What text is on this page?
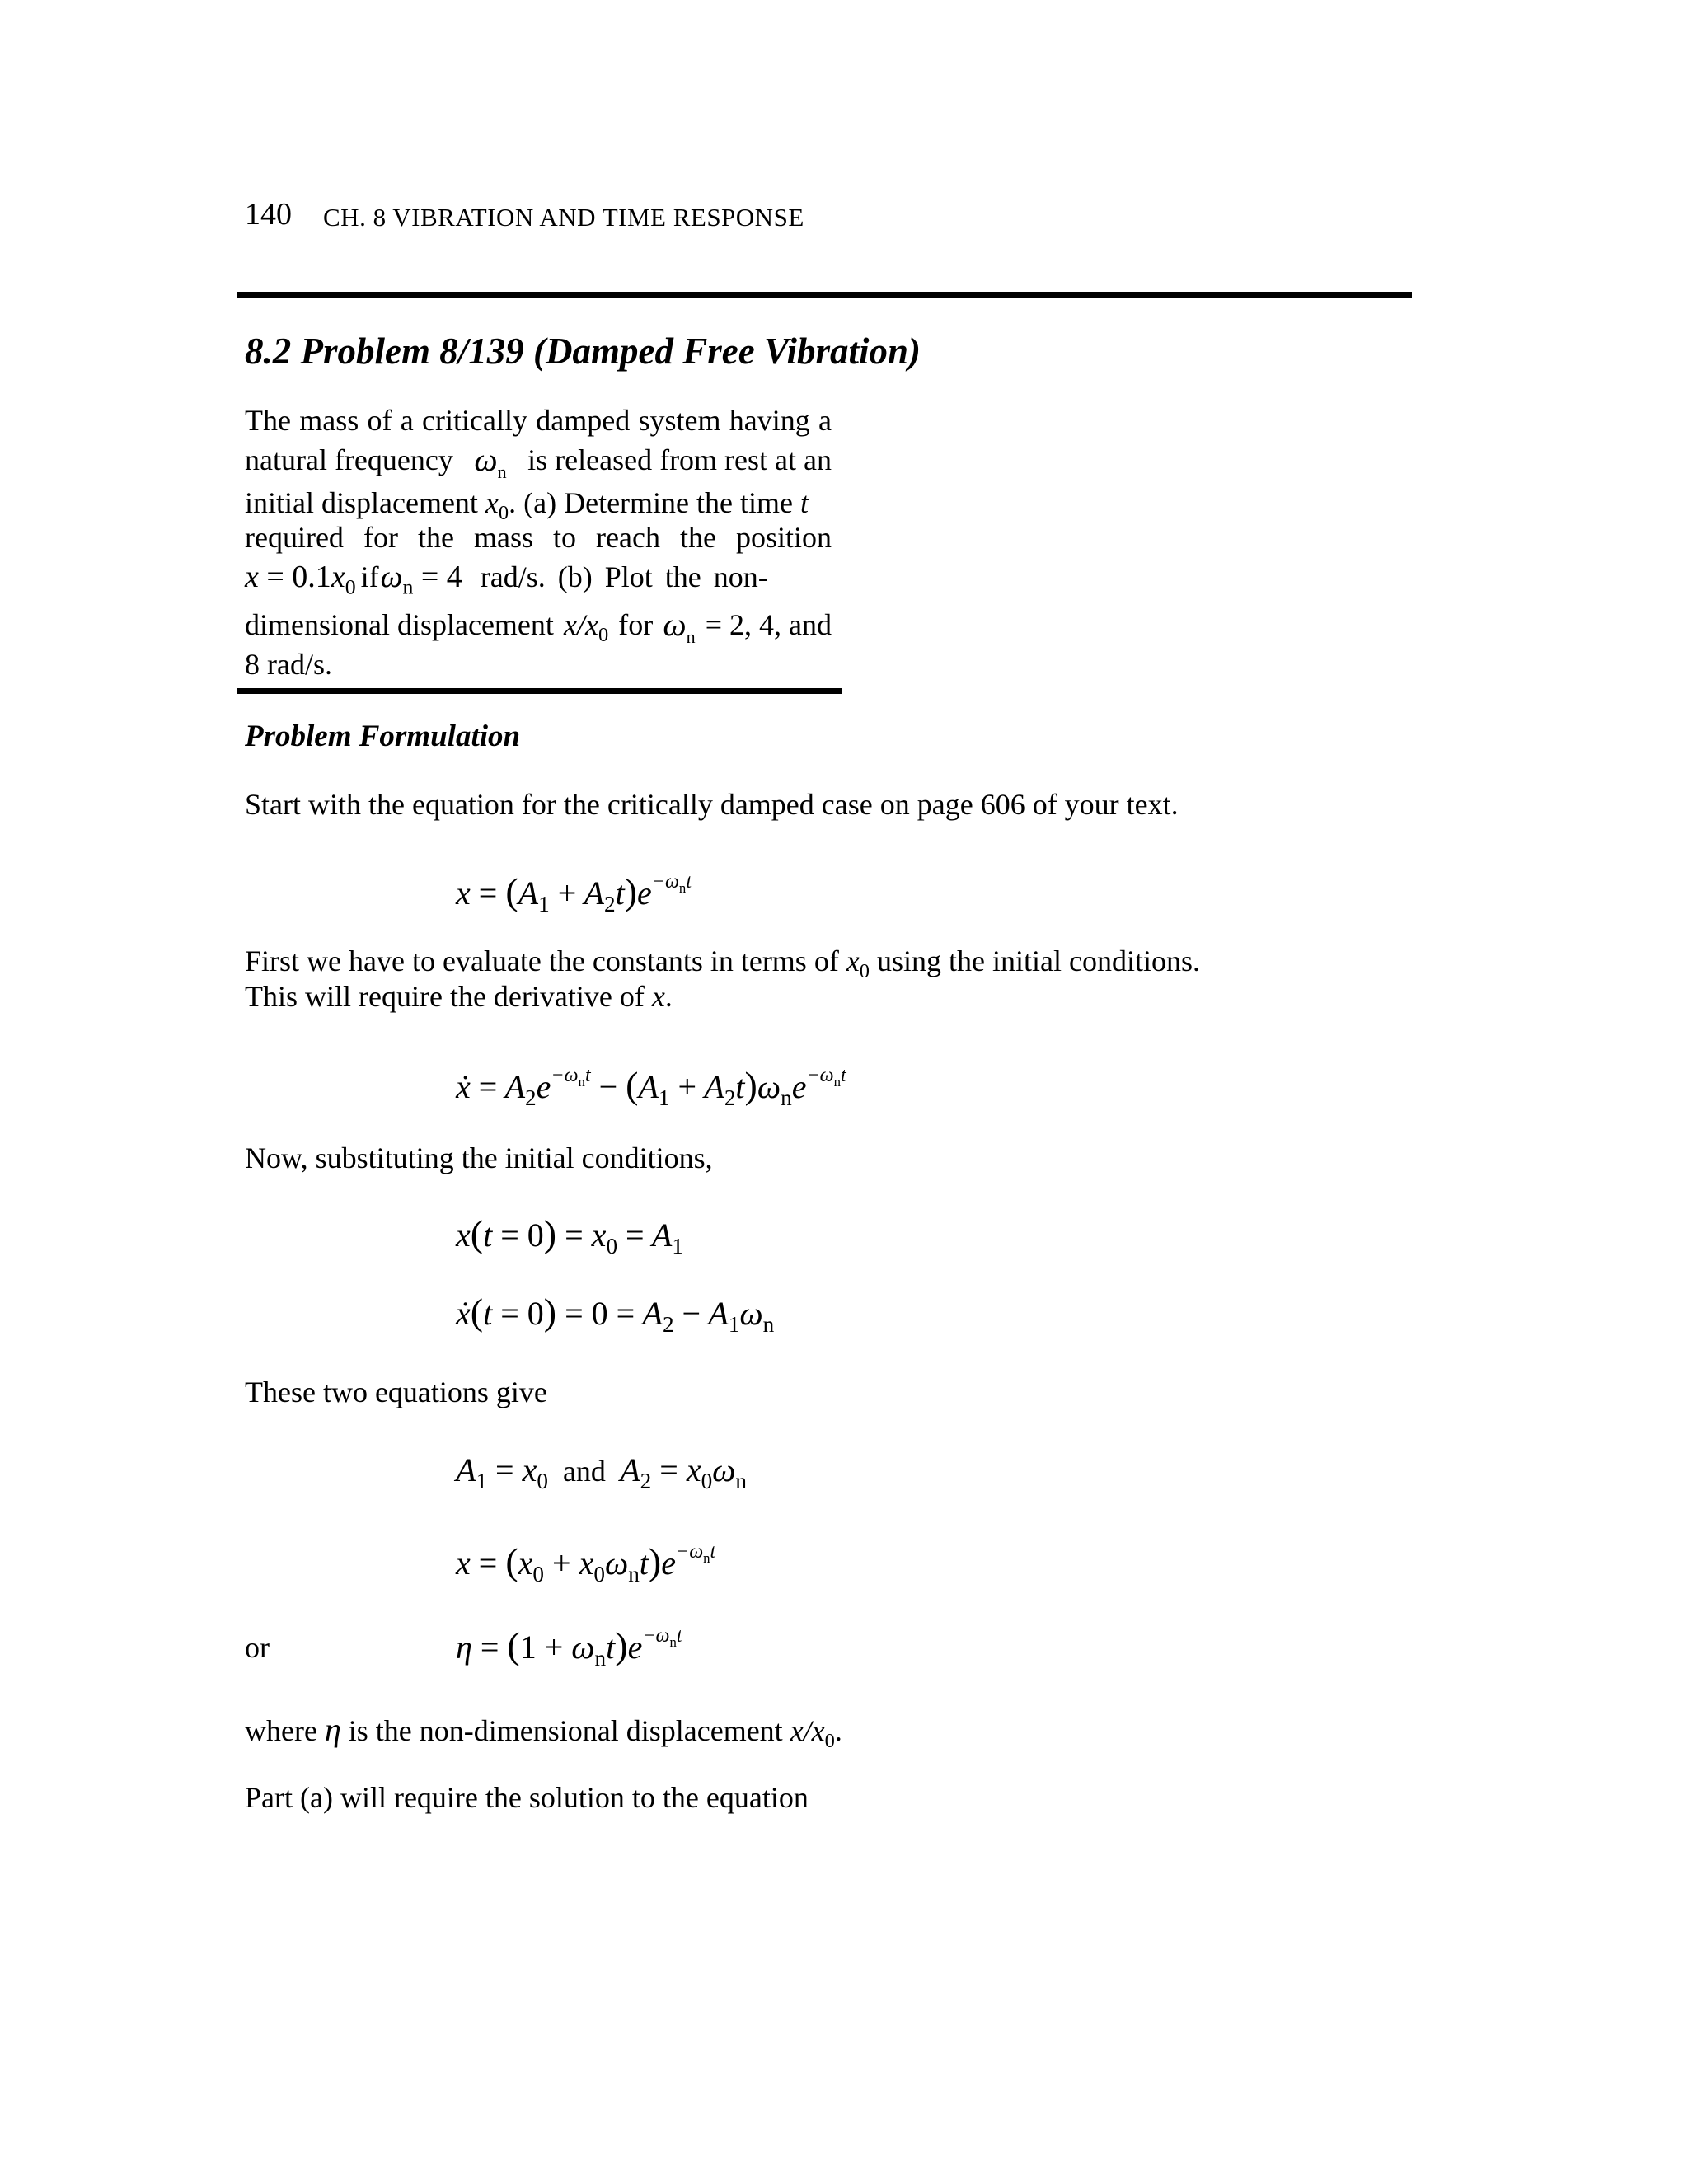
140 CH. 8 VIBRATION AND TIME RESPONSE
8.2 Problem 8/139 (Damped Free Vibration)
The mass of a critically damped system having a
natural frequency $\omega_n$ is released from rest at an
initial displacement $x_0$. (a) Determine the time t
required for the mass to reach the position
$x = 0.1x_0$ if $\omega_n = 4$ rad/s. (b) Plot the non-
dimensional displacement $x/x_0$ for $\omega_n = 2$, 4, and
8 rad/s.
Problem Formulation
Start with the equation for the critically damped case on page 606 of your text.
$x = (A_1 + A_2t)e^{-\omega_nt}$
First we have to evaluate the constants in terms of $x_0$ using the initial conditions.
This will require the derivative of x.
ẋ = $A_2e^{-\omega_nt} - (A_1 + A_2t)\omega_ne^{-\omega_nt}$
Now, substituting the initial conditions,
$x(t = 0) = x_0 = A_1$
ẋ(t = $0) = 0 = A_2 - A_1\omega_n$
These two equations give
$A_1 = x_0$ and $A_2 = x_0\omega_n$
$x = (x_0 + x_0\omega_nt)e^{-\omega_nt}$
or	$\eta = (1 + \omega_nt)e^{-\omega_nt}$
where η is the non-dimensional displacement $x/x_0$.
Part (a) will require the solution to the equation
